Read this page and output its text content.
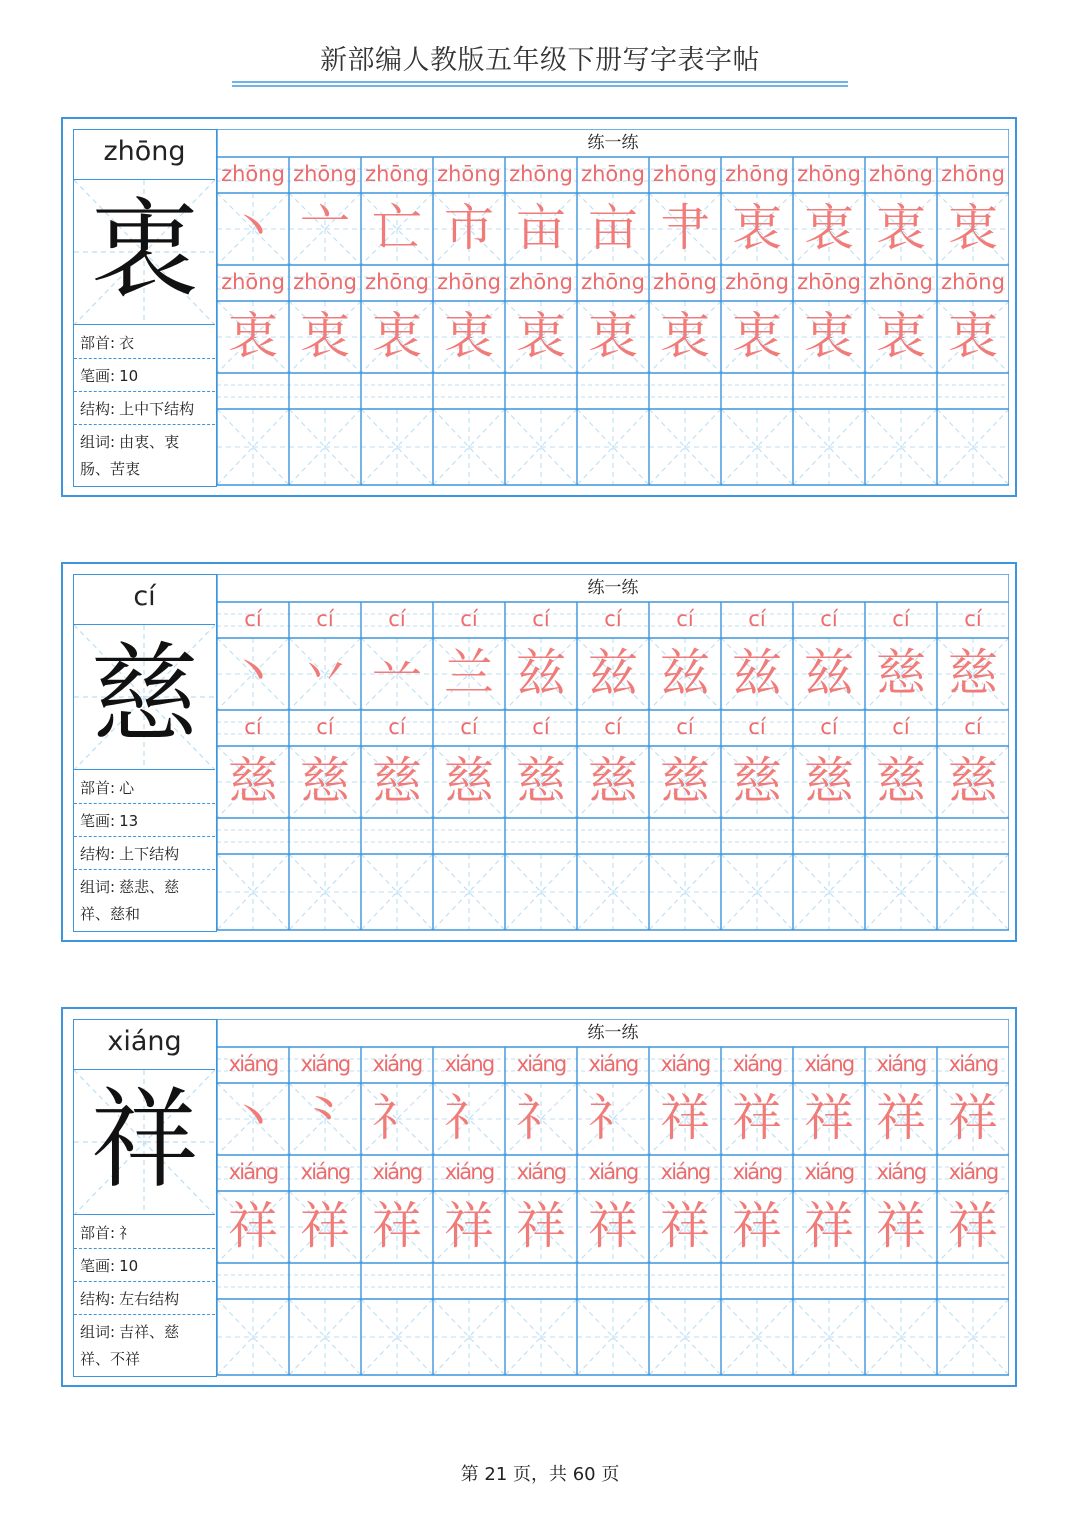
新部编人教版五年级下册写字表字帖
zhōng
衷
部首: 衣
笔画: 10
结构: 上中下结构
组词: 由衷、衷
肠、苦衷
练一练
zhōng
zhōng
丶
衷
zhōng
zhōng
亠
衷
zhōng
zhōng
亡
衷
zhōng
zhōng
市
衷
zhōng
zhōng
亩
衷
zhōng
zhōng
亩
衷
zhōng
zhōng
肀
衷
zhōng
zhōng
衷
衷
zhōng
zhōng
衷
衷
zhōng
zhōng
衷
衷
zhōng
zhōng
衷
衷
cí
慈
部首: 心
笔画: 13
结构: 上下结构
组词: 慈悲、慈
祥、慈和
练一练
cí
cí
丶
慈
cí
cí
丷
慈
cí
cí
䒑
慈
cí
cí
兰
慈
cí
cí
兹
慈
cí
cí
兹
慈
cí
cí
兹
慈
cí
cí
兹
慈
cí
cí
兹
慈
cí
cí
慈
慈
cí
cí
慈
慈
xiáng
祥
部首: 礻
笔画: 10
结构: 左右结构
组词: 吉祥、慈
祥、不祥
练一练
xiáng
xiáng
丶
祥
xiáng
xiáng
⺀
祥
xiáng
xiáng
礻
祥
xiáng
xiáng
礻
祥
xiáng
xiáng
礻
祥
xiáng
xiáng
礻
祥
xiáng
xiáng
祥
祥
xiáng
xiáng
祥
祥
xiáng
xiáng
祥
祥
xiáng
xiáng
祥
祥
xiáng
xiáng
祥
祥
第 21 页，共 60 页
